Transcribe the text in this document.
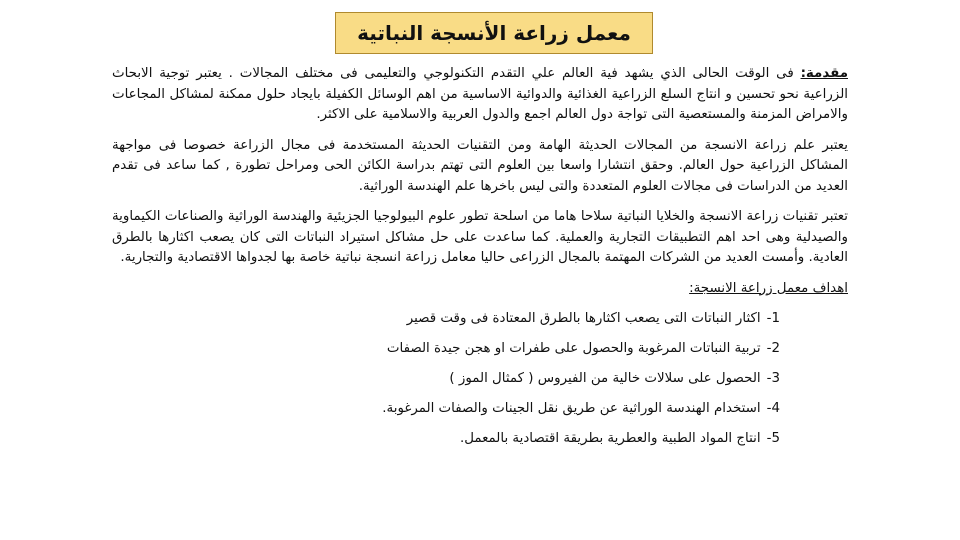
معمل زراعة الأنسجة النباتية

مقدمة: فى الوقت الحالى الذي يشهد فية العالم علي التقدم التكنولوجي والتعليمى فى مختلف المجالات . يعتبر توجية الابحاث الزراعية نحو تحسين و انتاج السلع الزراعية الغذائية والدوائية الاساسية من اهم الوسائل الكفيلة بايجاد حلول ممكنة لمشاكل المجاعات والامراض المزمنة والمستعصية التى تواجة دول العالم اجمع والدول العربية والاسلامية على الاكثر.

يعتبر علم زراعة الانسجة من المجالات الحديثة الهامة ومن التقنيات الحديثة المستخدمة فى مجال الزراعة خصوصا فى مواجهة المشاكل الزراعية حول العالم. وحقق انتشارا واسعا بين العلوم التى تهتم بدراسة الكائن الحى ومراحل تطورة , كما ساعد فى تقدم العديد من الدراسات فى مجالات العلوم المتعددة والتى ليس باخرها علم الهندسة الوراثية.

تعتبر تقنيات زراعة الانسجة والخلايا النباتية سلاحا هاما من اسلحة تطور علوم البيولوجيا الجزيئية والهندسة الوراثية والصناعات الكيماوية والصيدلية وهى احد اهم التطبيقات التجارية والعملية. كما ساعدت على حل مشاكل استيراد النباتات التى كان يصعب اكثارها بالطرق العادية. وأمست العديد من الشركات المهتمة بالمجال الزراعى حاليا معامل زراعة انسجة نباتية خاصة بها لجدواها الاقتصادية والتجارية.

اهداف معمل زراعة الانسجة:

1-اكثار النباتات التى يصعب اكثارها بالطرق المعتادة فى وقت قصير
2-تربية النباتات المرغوبة والحصول على طفرات او هجن جيدة الصفات
3-الحصول على سلالات خالية من الفيروس ( كمثال الموز )
4-استخدام الهندسة الوراثية عن طريق نقل الجينات والصفات المرغوبة.
5-انتاج المواد الطبية والعطرية بطريقة اقتصادية بالمعمل.
